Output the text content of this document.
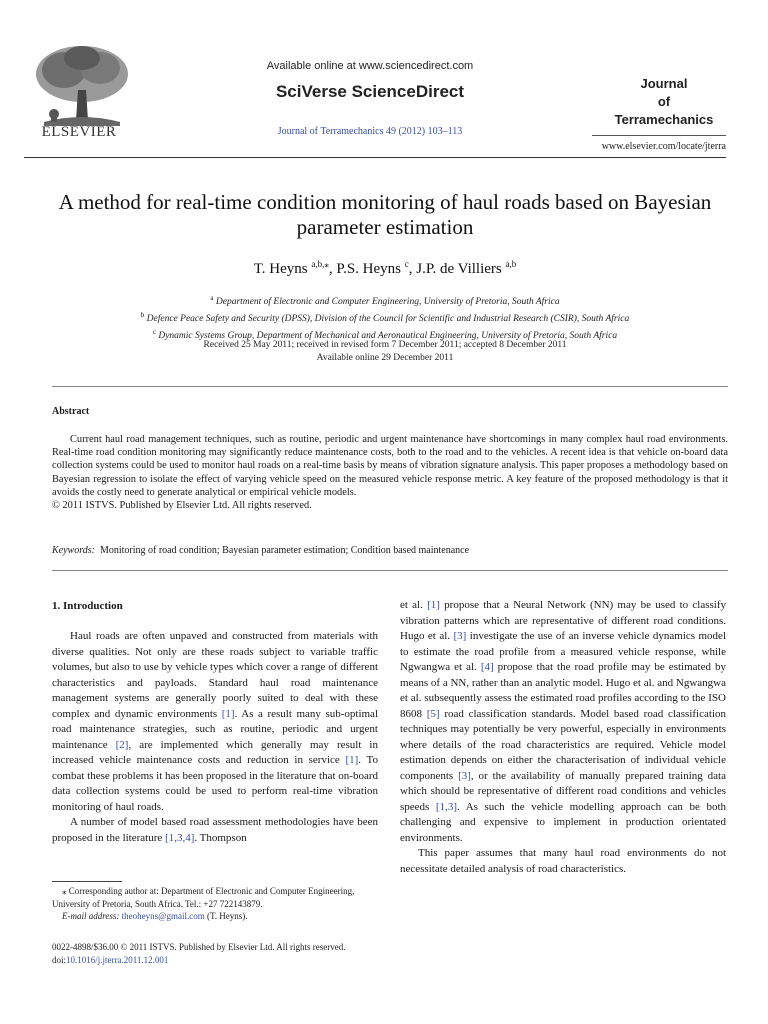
ELSEVIER
Available online at www.sciencedirect.com
SciVerse ScienceDirect
Journal of Terramechanics 49 (2012) 103–113
Journal
of
Terramechanics
www.elsevier.com/locate/jterra
A method for real-time condition monitoring of haul roads based on Bayesian parameter estimation
T. Heyns $^{a,b,⁎}$, P.S. Heyns $^c$, J.P. de Villiers $^{a,b}$
$^a$ Department of Electronic and Computer Engineering, University of Pretoria, South Africa
$^b$ Defence Peace Safety and Security (DPSS), Division of the Council for Scientific and Industrial Research (CSIR), South Africa
$^c$ Dynamic Systems Group, Department of Mechanical and Aeronautical Engineering, University of Pretoria, South Africa
Received 25 May 2011; received in revised form 7 December 2011; accepted 8 December 2011
Available online 29 December 2011
Abstract
Current haul road management techniques, such as routine, periodic and urgent maintenance have shortcomings in many complex haul road environments. Real-time road condition monitoring may significantly reduce maintenance costs, both to the road and to the vehicles. A recent idea is that vehicle on-board data collection systems could be used to monitor haul roads on a real-time basis by means of vibration signature analysis. This paper proposes a methodology based on Bayesian regression to isolate the effect of varying vehicle speed on the measured vehicle response metric. A key feature of the proposed methodology is that it avoids the costly need to generate analytical or empirical vehicle models.
© 2011 ISTVS. Published by Elsevier Ltd. All rights reserved.
Keywords: Monitoring of road condition; Bayesian parameter estimation; Condition based maintenance
1. Introduction

Haul roads are often unpaved and constructed from materials with diverse qualities. Not only are these roads subject to variable traffic volumes, but also to use by vehicle types which cover a range of different characteristics and payloads. Standard haul road maintenance management systems are generally poorly suited to deal with these complex and dynamic environments [1]. As a result many sub-optimal road maintenance strategies, such as routine, periodic and urgent maintenance [2], are implemented which generally may result in increased vehicle maintenance costs and reduction in service [1]. To combat these problems it has been proposed in the literature that on-board data collection systems could be used to perform real-time vibration monitoring of haul roads.

A number of model based road assessment methodologies have been proposed in the literature [1,3,4]. Thompson

et al. [1] propose that a Neural Network (NN) may be used to classify vibration patterns which are representative of different road conditions. Hugo et al. [3] investigate the use of an inverse vehicle dynamics model to estimate the road profile from a measured vehicle response, while Ngwangwa et al. [4] propose that the road profile may be estimated by means of a NN, rather than an analytic model. Hugo et al. and Ngwangwa et al. subsequently assess the estimated road profiles according to the ISO 8608 [5] road classification standards. Model based road classification techniques may potentially be very powerful, especially in environments where details of the road characteristics are required. Vehicle model estimation depends on either the characterisation of individual vehicle components [3], or the availability of manually prepared training data which should be representative of different road conditions and vehicles speeds [1,3]. As such the vehicle modelling approach can be both challenging and expensive to implement in production orientated environments.

This paper assumes that many haul road environments do not necessitate detailed analysis of road characteristics.

⁎ Corresponding author at: Department of Electronic and Computer Engineering, University of Pretoria, South Africa. Tel.: +27 722143879.
E-mail address: theoheyns@gmail.com (T. Heyns).
0022-4898/$36.00 © 2011 ISTVS. Published by Elsevier Ltd. All rights reserved.
doi:10.1016/j.jterra.2011.12.001
